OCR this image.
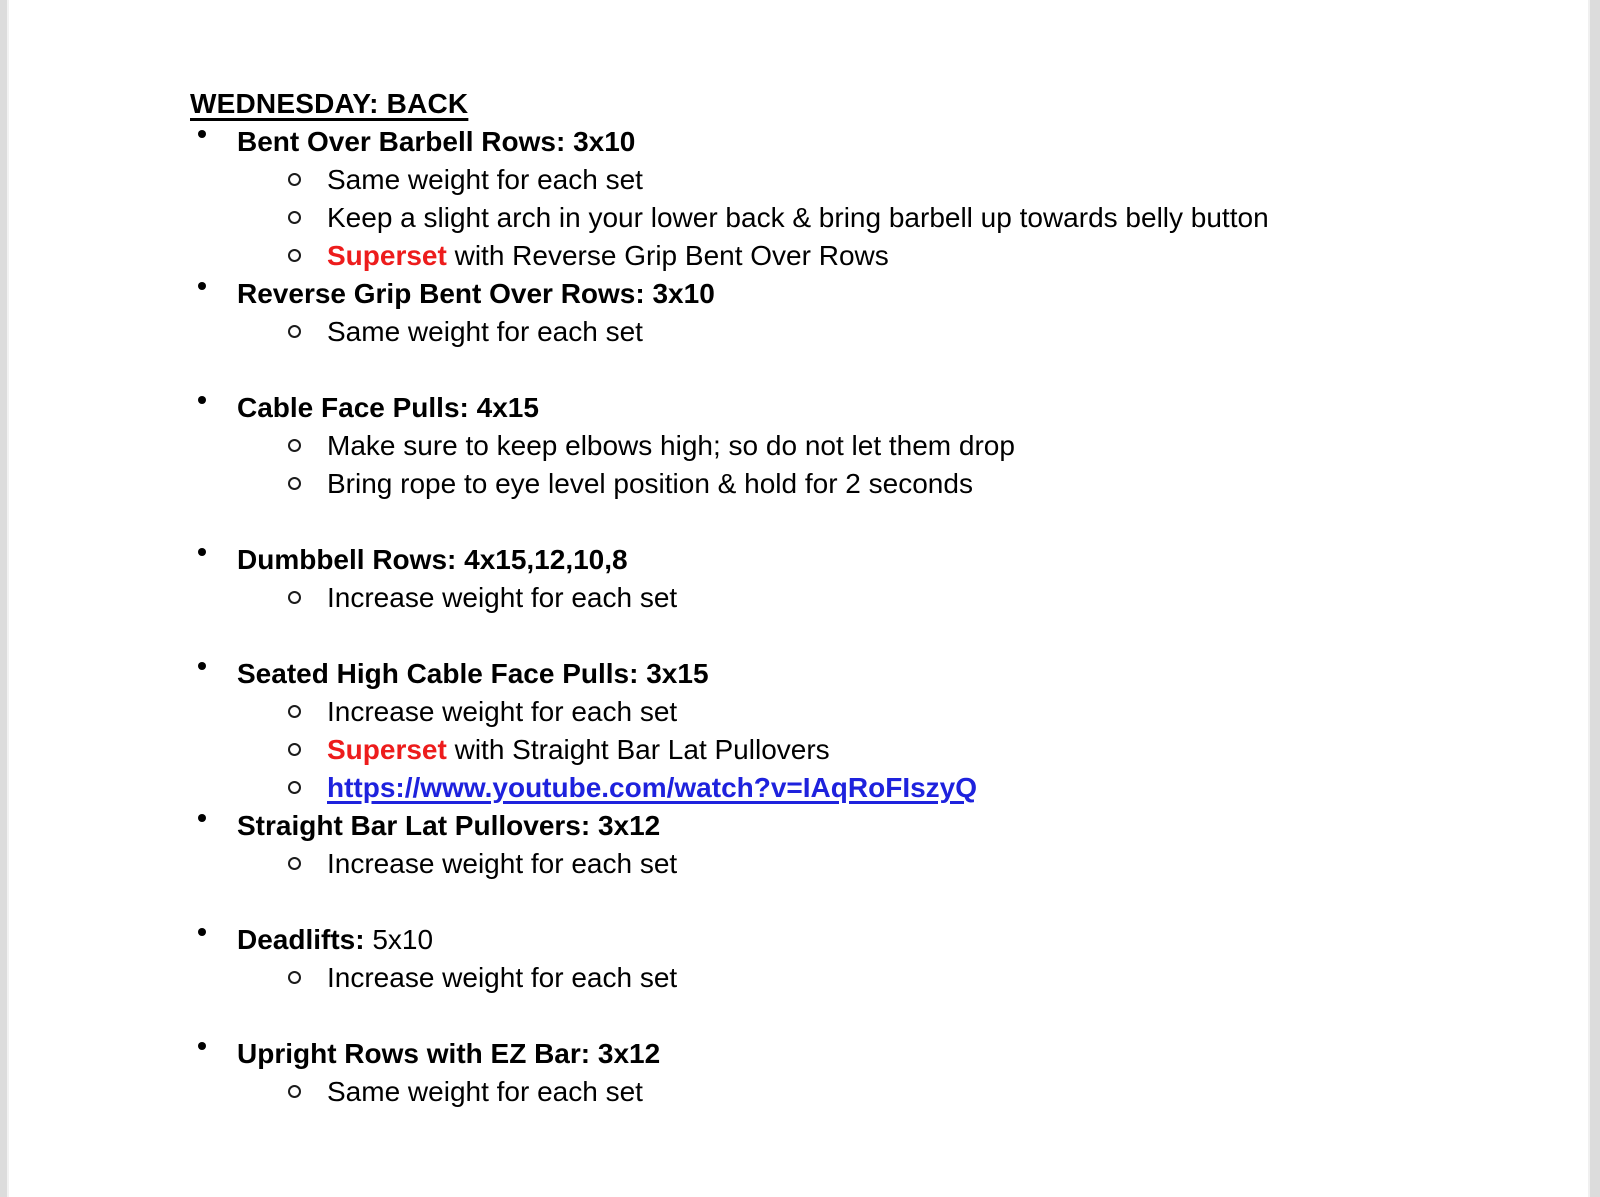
WEDNESDAY: BACK
Bent Over Barbell Rows: 3x10
Same weight for each set
Keep a slight arch in your lower back & bring barbell up towards belly button
Superset with Reverse Grip Bent Over Rows
Reverse Grip Bent Over Rows: 3x10
Same weight for each set
Cable Face Pulls: 4x15
Make sure to keep elbows high; so do not let them drop
Bring rope to eye level position & hold for 2 seconds
Dumbbell Rows: 4x15,12,10,8
Increase weight for each set
Seated High Cable Face Pulls: 3x15
Increase weight for each set
Superset with Straight Bar Lat Pullovers
https://www.youtube.com/watch?v=IAqRoFIszyQ
Straight Bar Lat Pullovers: 3x12
Increase weight for each set
Deadlifts: 5x10
Increase weight for each set
Upright Rows with EZ Bar: 3x12
Same weight for each set
